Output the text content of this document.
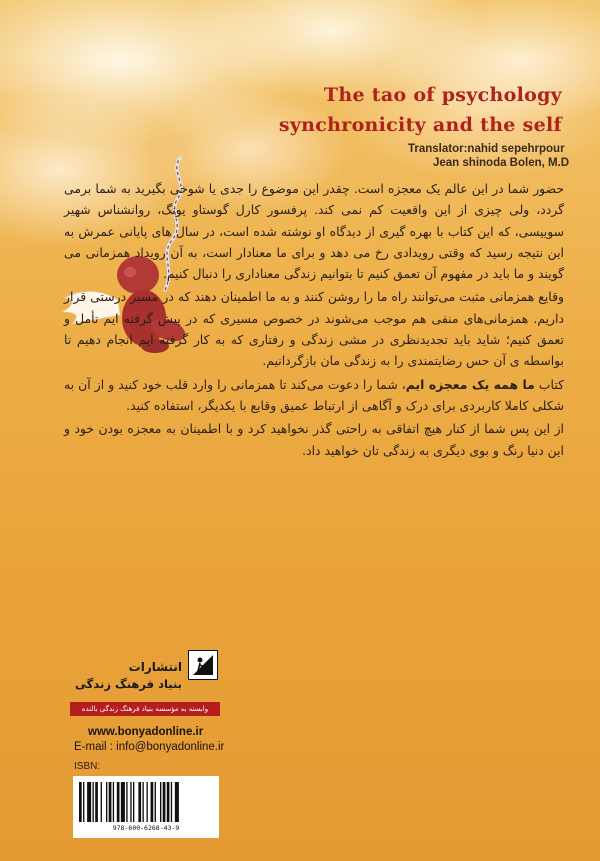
The tao of psychology
synchronicity and the self
Translator:nahid sepehrpour
Jean shinoda Bolen, M.D

حضور شما در این عالم یک معجزه است. چقدر این موضوع را جدی یا شوخی بگیرید به شما برمی گردد، ولی چیزی از این واقعیت کم نمی کند. پرفسور کارل گوستاو یونگ، روانشناس شهیر سوییسی، که این کتاب با بهره گیری از دیدگاه او نوشته شده است، در سال های پایانی عمرش به این نتیجه رسید که وقتی رویدادی رخ می دهد و برای ما معنادار است، به آن رویداد همزمانی می گویند و ما باید در مفهوم آن تعمق کنیم تا بتوانیم زندگی معناداری را دنبال کنیم.

وقایع همزمانی مثبت می‌توانند راه ما را روشن کنند و به ما اطمینان دهند که در مسیر درستی قرار داریم. همزمانی‌های منفی هم موجب می‌شوند در خصوص مسیری که در پیش گرفته ایم تأمل و تعمق کنیم؛ شاید باید تجدیدنظری در مشی زندگی و رفتاری که به کار گرفته ایم انجام دهیم تا بواسطه ی آن حس رضایتمندی را به زندگی مان بازگردانیم.

کتاب ما همه یک معجزه ایم، شما را دعوت می‌کند تا همزمانی را وارد قلب خود کنید و از آن به شکلی کاملا کاربردی برای درک و آگاهی از ارتباط عمیق وقایع با یکدیگر، استفاده کنید.

از این پس شما از کنار هیچ اتفاقی به راحتی گذر نخواهید کرد و با اطمینان به معجزه بودن خود و این دنیا رنگ و بوی دیگری به زندگی تان خواهید داد.

انتشارات
بنیاد فرهنگ زندگی
وابسته به مؤسسه بنیاد فرهنگ زندگی بالنده
www.bonyadonline.ir
E-mail : info@bonyadonline.ir
ISBN:
978-600-6268-43-9
